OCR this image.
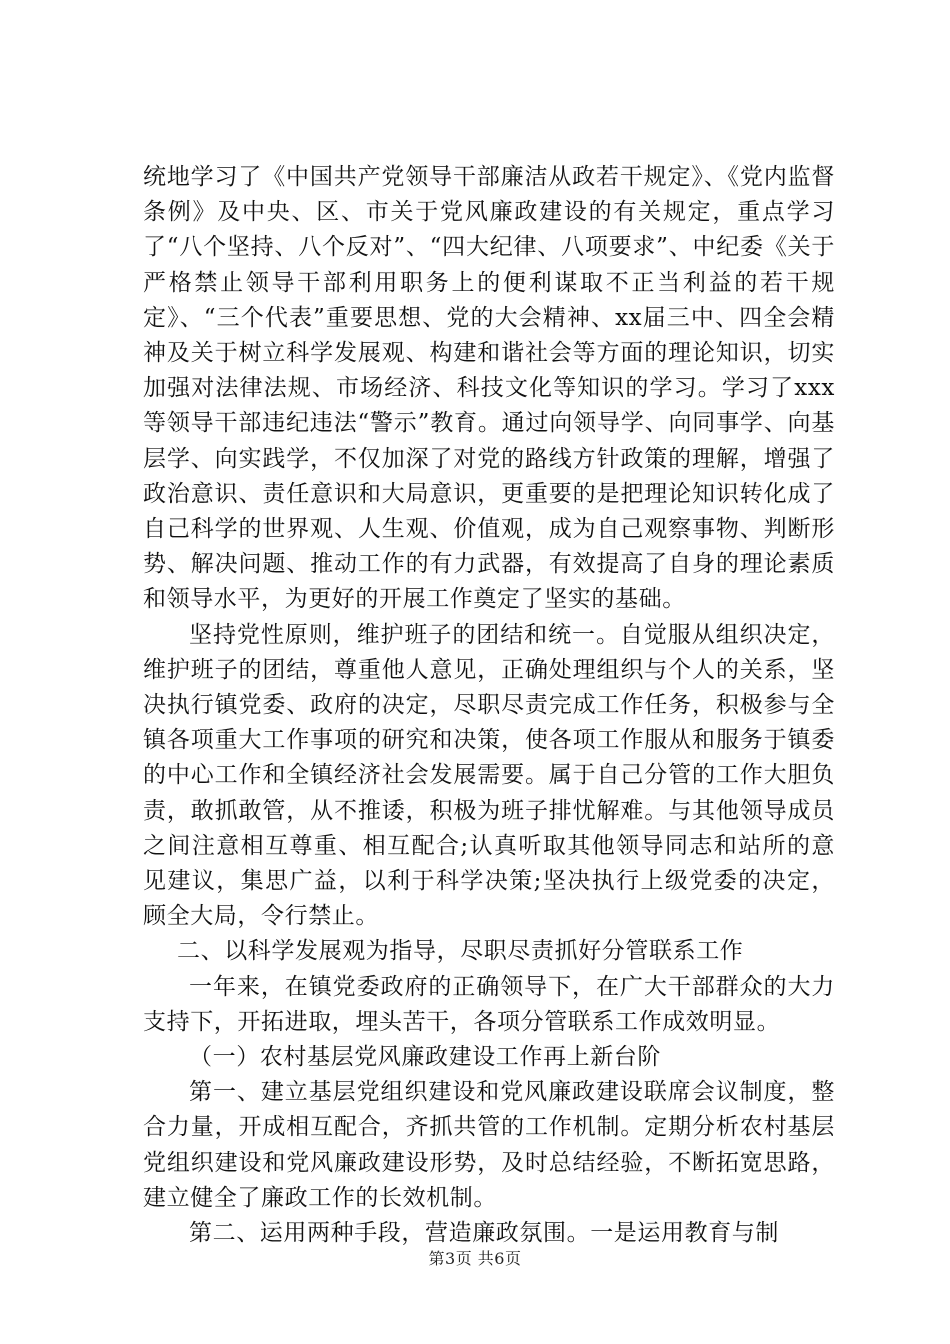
统地学习了《中国共产党领导干部廉洁从政若干规定》、《党内监督条例》及中央、区、市关于党风廉政建设的有关规定，重点学习了“八个坚持、八个反对”、“四大纪律、八项要求”、中纪委《关于严格禁止领导干部利用职务上的便利谋取不正当利益的若干规定》、“三个代表”重要思想、党的大会精神、xx届三中、四全会精神及关于树立科学发展观、构建和谐社会等方面的理论知识，切实加强对法律法规、市场经济、科技文化等知识的学习。学习了xxx等领导干部违纪违法“警示”教育。通过向领导学、向同事学、向基层学、向实践学，不仅加深了对党的路线方针政策的理解，增强了政治意识、责任意识和大局意识，更重要的是把理论知识转化成了自己科学的世界观、人生观、价值观，成为自己观察事物、判断形势、解决问题、推动工作的有力武器，有效提高了自身的理论素质和领导水平，为更好的开展工作奠定了坚实的基础。

坚持党性原则，维护班子的团结和统一。自觉服从组织决定，维护班子的团结，尊重他人意见，正确处理组织与个人的关系，坚决执行镇党委、政府的决定，尽职尽责完成工作任务，积极参与全镇各项重大工作事项的研究和决策，使各项工作服从和服务于镇委的中心工作和全镇经济社会发展需要。属于自己分管的工作大胆负责，敢抓敢管，从不推诿，积极为班子排忧解难。与其他领导成员之间注意相互尊重、相互配合;认真听取其他领导同志和站所的意见建议，集思广益，以利于科学决策;坚决执行上级党委的决定，顾全大局，令行禁止。

二、以科学发展观为指导，尽职尽责抓好分管联系工作

一年来，在镇党委政府的正确领导下，在广大干部群众的大力支持下，开拓进取，埋头苦干，各项分管联系工作成效明显。

（一）农村基层党风廉政建设工作再上新台阶

第一、建立基层党组织建设和党风廉政建设联席会议制度，整合力量，开成相互配合，齐抓共管的工作机制。定期分析农村基层党组织建设和党风廉政建设形势，及时总结经验，不断拓宽思路，建立健全了廉政工作的长效机制。

第二、运用两种手段，营造廉政氛围。一是运用教育与制

第3页 共6页
